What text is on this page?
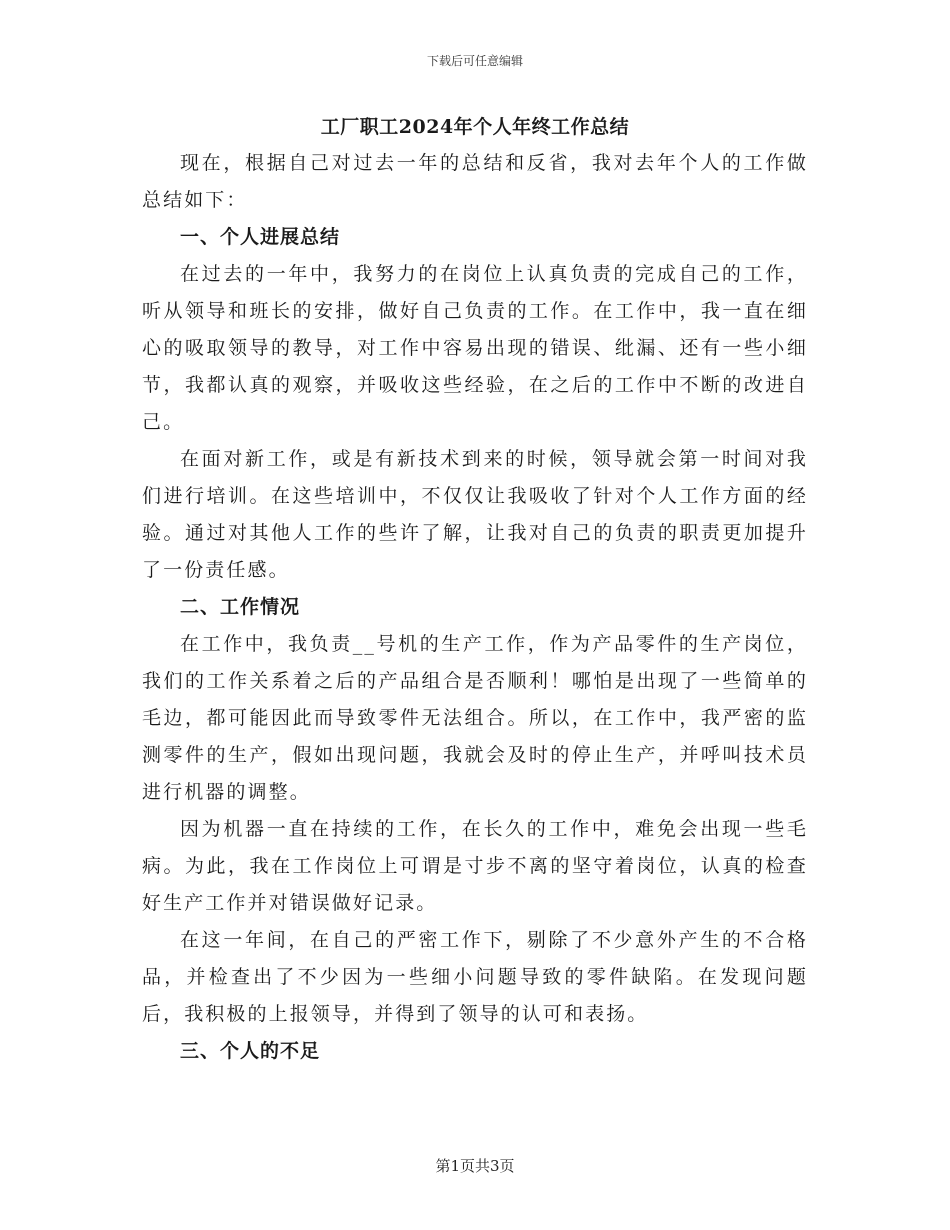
下载后可任意编辑
工厂职工2024年个人年终工作总结

现在，根据自己对过去一年的总结和反省，我对去年个人的工作做总结如下：

一、个人进展总结

在过去的一年中，我努力的在岗位上认真负责的完成自己的工作，听从领导和班长的安排，做好自己负责的工作。在工作中，我一直在细心的吸取领导的教导，对工作中容易出现的错误、纰漏、还有一些小细节，我都认真的观察，并吸收这些经验，在之后的工作中不断的改进自己。

在面对新工作，或是有新技术到来的时候，领导就会第一时间对我们进行培训。在这些培训中，不仅仅让我吸收了针对个人工作方面的经验。通过对其他人工作的些许了解，让我对自己的负责的职责更加提升了一份责任感。

二、工作情况

在工作中，我负责__号机的生产工作，作为产品零件的生产岗位，我们的工作关系着之后的产品组合是否顺利！哪怕是出现了一些简单的毛边，都可能因此而导致零件无法组合。所以，在工作中，我严密的监测零件的生产，假如出现问题，我就会及时的停止生产，并呼叫技术员进行机器的调整。

因为机器一直在持续的工作，在长久的工作中，难免会出现一些毛病。为此，我在工作岗位上可谓是寸步不离的坚守着岗位，认真的检查好生产工作并对错误做好记录。

在这一年间，在自己的严密工作下，剔除了不少意外产生的不合格品，并检查出了不少因为一些细小问题导致的零件缺陷。在发现问题后，我积极的上报领导，并得到了领导的认可和表扬。

三、个人的不足

第1页共3页
